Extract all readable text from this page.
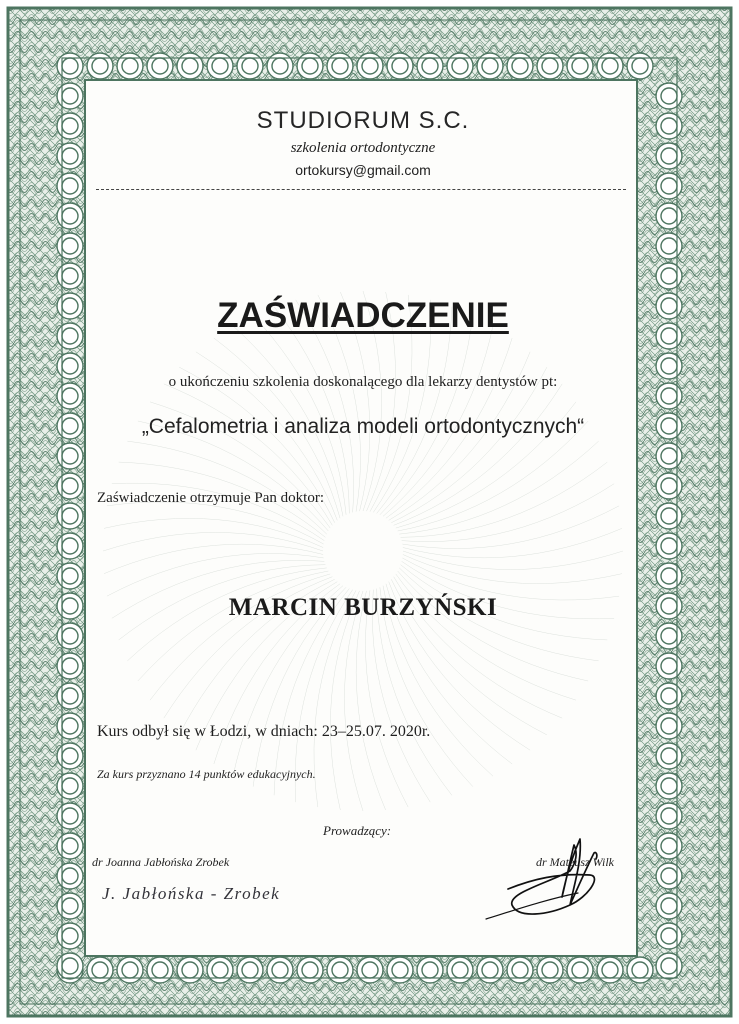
STUDIORUM S.C.
szkolenia ortodontyczne
ortokursy@gmail.com
ZAŚWIADCZENIE
o ukończeniu szkolenia doskonalącego dla lekarzy dentystów pt:
„Cefalometria i analiza modeli ortodontycznych“
Zaświadczenie otrzymuje Pan doktor:
MARCIN BURZYŃSKI
Kurs odbył się w Łodzi, w dniach: 23–25.07. 2020r.
Za kurs przyznano 14 punktów edukacyjnych.
Prowadzący:
dr Joanna Jabłońska Zrobek	dr Mateusz Wilk
J. Jabłońska - Zrobek
